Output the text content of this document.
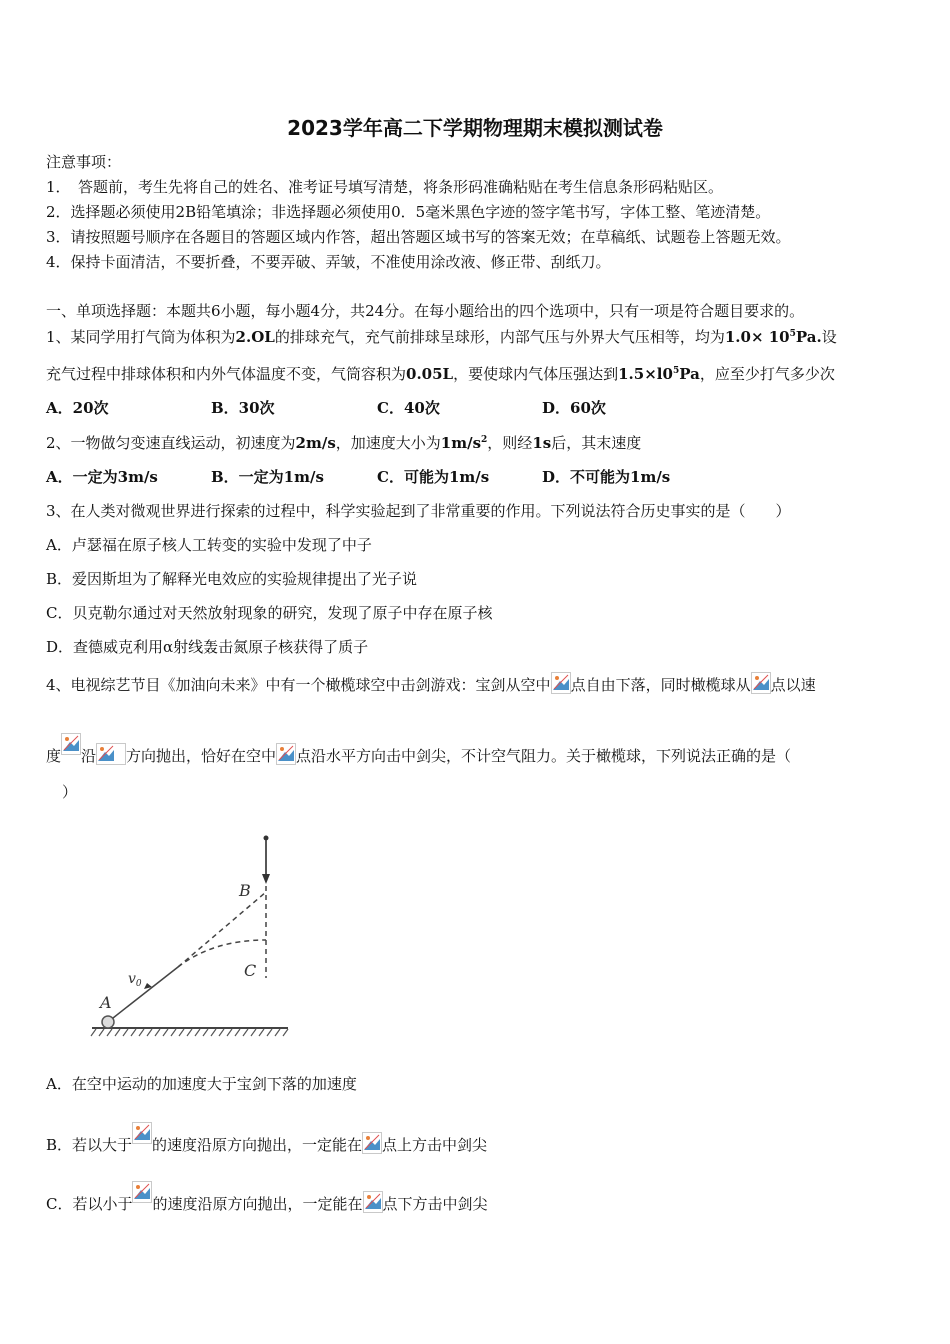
2023学年高二下学期物理期末模拟测试卷
注意事项：
1．　答题前，考生先将自己的姓名、准考证号填写清楚，将条形码准确粘贴在考生信息条形码粘贴区。
2．选择题必须使用2B铅笔填涂；非选择题必须使用0．5毫米黑色字迹的签字笔书写，字体工整、笔迹清楚。
3．请按照题号顺序在各题目的答题区域内作答，超出答题区域书写的答案无效；在草稿纸、试题卷上答题无效。
4．保持卡面清洁，不要折叠，不要弄破、弄皱，不准使用涂改液、修正带、刮纸刀。
一、单项选择题：本题共6小题，每小题4分，共24分。在每小题给出的四个选项中，只有一项是符合题目要求的。
1、某同学用打气筒为体积为2.OL的排球充气，充气前排球呈球形，内部气压与外界大气压相等，均为$1.0\times 10^5Pa$.设
充气过程中排球体积和内外气体温度不变，气筒容积为0.05L，要使球内气体压强达到$1.5\times l0^5Pa$，应至少打气多少次
A．20次	B．30次	C．40次	D．60次
2、一物做匀变速直线运动，初速度为2m/s，加速度大小为$1m/s^2$，则经1s后，其末速度
A．一定为3m/s	B．一定为1m/s	C．可能为1m/s	D．不可能为1m/s
3、在人类对微观世界进行探索的过程中，科学实验起到了非常重要的作用。下列说法符合历史事实的是（　　）
A．卢瑟福在原子核人工转变的实验中发现了中子
B．爱因斯坦为了解释光电效应的实验规律提出了光子说
C．贝克勒尔通过对天然放射现象的研究，发现了原子中存在原子核
D．查德威克利用α射线轰击氮原子核获得了质子
4、电视综艺节目《加油向未来》中有一个橄榄球空中击剑游戏：宝剑从空中 点自由下落，同时橄榄球从 点以速
度 沿 方向抛出，恰好在空中 点沿水平方向击中剑尖，不计空气阻力。关于橄榄球，下列说法正确的是（
）
A
B
C
$v_0$
A．在空中运动的加速度大于宝剑下落的加速度
B．若以大于 的速度沿原方向抛出，一定能在 点上方击中剑尖
C．若以小于 的速度沿原方向抛出，一定能在 点下方击中剑尖
